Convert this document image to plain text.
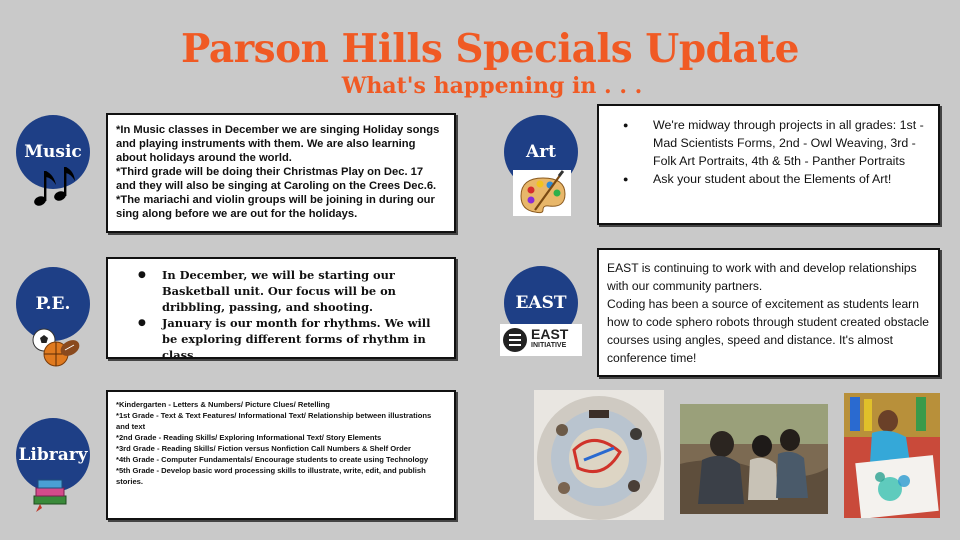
Parson Hills Specials Update
What's happening in . . .
Music

*In Music classes in December we are singing Holiday songs and playing instruments with them. We are also learning about holidays around the world.

*Third grade will be doing their Christmas Play on Dec. 17 and they will also be singing at Caroling on the Crees Dec.6.

*The mariachi and violin groups will be joining in during our sing along before we are out for the holidays.

P.E.
● In December, we will be starting our Basketball unit. Our focus will be on dribbling, passing, and shooting.
● January is our month for rhythms. We will be exploring different forms of rhythm in class.
Library

*Kindergarten - Letters & Numbers/ Picture Clues/ Retelling

*1st Grade - Text & Text Features/ Informational Text/ Relationship between illustrations and text

*2nd Grade - Reading Skills/ Exploring Informational Text/ Story Elements

*3rd Grade - Reading Skills/ Fiction versus Nonfiction Call Numbers & Shelf Order

*4th Grade - Computer Fundamentals/ Encourage students to create using Technology

*5th Grade - Develop basic word processing skills to illustrate, write, edit, and publish stories.

Art
● We're midway through projects in all grades: 1st - Mad Scientists Forms, 2nd - Owl Weaving, 3rd - Folk Art Portraits, 4th & 5th - Panther Portraits
● Ask your student about the Elements of Art!
EAST
EAST
INITIATIVE

EAST is continuing to work with and develop relationships with our community partners.

Coding has been a source of excitement as students learn how to code sphero robots through student created obstacle courses using angles, speed and distance. It's almost conference time!
